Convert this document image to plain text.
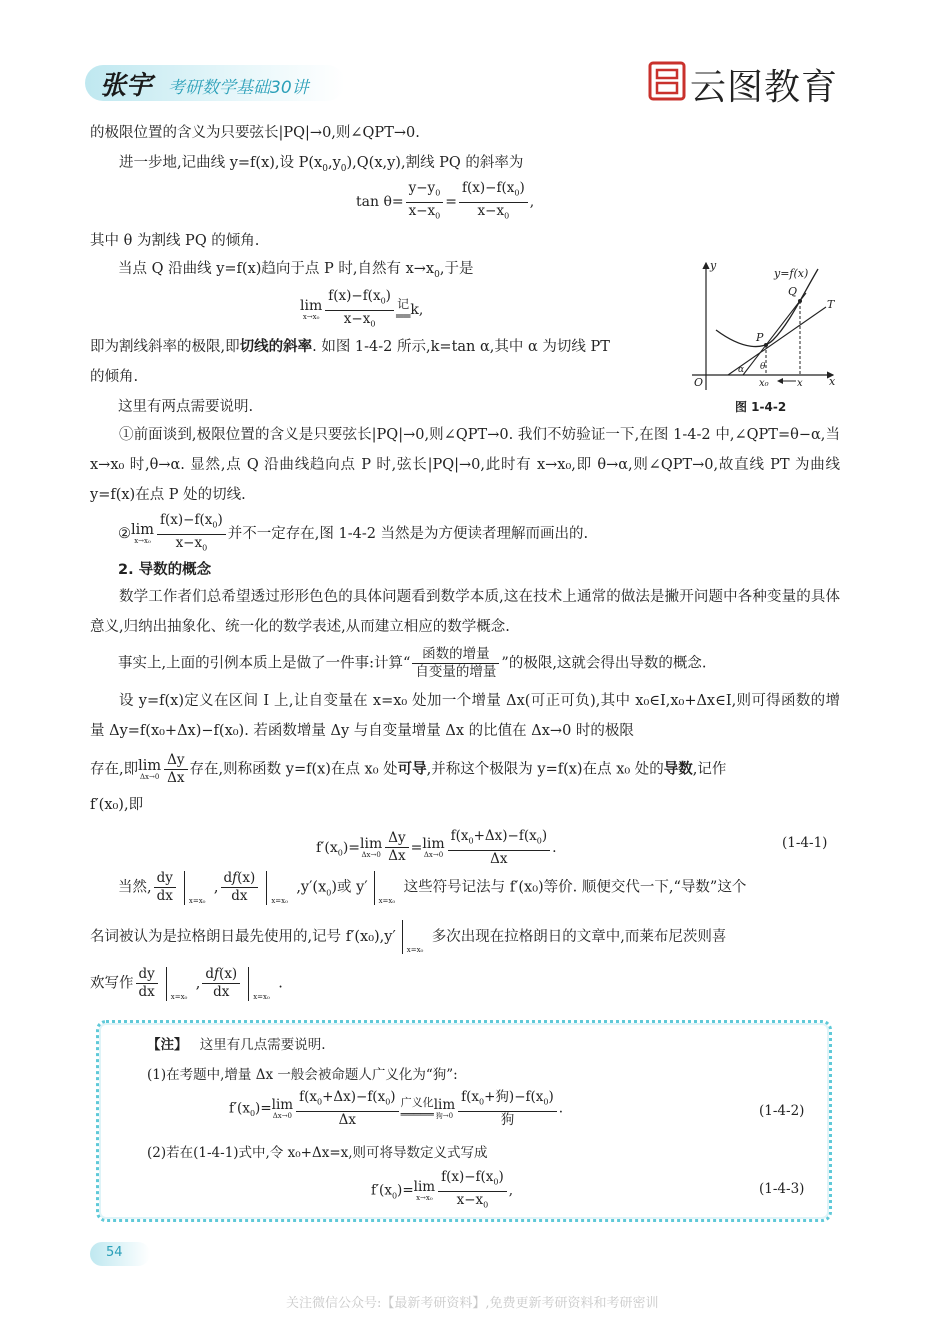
张宇 考研数学基础30讲	云图教育
的极限位置的含义为只要弦长|PQ|→0,则∠QPT→0.
进一步地,记曲线 y=f(x),设 $P(x_0,y_0),Q(x,y)$,割线 PQ 的斜率为
$\tan \theta= \frac{y-y_0}{x-x_0} = \frac{f(x)-f(x_0)}{x-x_0}$ ,
其中 θ 为割线 PQ 的倾角.
当点 Q 沿曲线 y=f(x)趋向于点 P 时,自然有 $x\to x_0$,于是
lim
$x\to x_0 \frac{f(x)-f(x_0)}{x-x_0}$ 记
══k,
即为割线斜率的极限,即切线的斜率. 如图 1-4-2 所示,k=tan α,其中 α 为切线 PT
的倾角.
这里有两点需要说明.
y
x
O
P
Q
T
x₀	x
α θ
y=f(x)
图 1-4-2
①前面谈到,极限位置的含义是只要弦长|PQ|→0,则∠QPT→0. 我们不妨验证一下,在图 1-4-2 中,∠QPT=θ−α,当 x→x₀ 时,θ→α. 显然,点 Q 沿曲线趋向点 P 时,弦长|PQ|→0,此时有 x→x₀,即 θ→α,则∠QPT→0,故直线 PT 为曲线 y=f(x)在点 P 处的切线.
②lim
$x\to x_0 \frac{f(x)-f(x_0)}{x-x_0}$ 并不一定存在,图 1-4-2 当然是为方便读者理解而画出的.
2. 导数的概念
数学工作者们总希望透过形形色色的具体问题看到数学本质,这在技术上通常的做法是撇开问题中各种变量的具体意义,归纳出抽象化、统一化的数学表述,从而建立相应的数学概念.
事实上,上面的引例本质上是做了一件事:计算“ $\frac{\text{函数的增量}}{\text{自变量的增量}}$ ”的极限,这就会得出导数的概念.
设 y=f(x)定义在区间 I 上,让自变量在 x=x₀ 处加一个增量 Δx(可正可负),其中 x₀∈I,x₀+Δx∈I,则可得函数的增量 Δy=f(x₀+Δx)−f(x₀). 若函数增量 Δy 与自变量增量 Δx 的比值在 Δx→0 时的极限
存在,即lim
$\Delta x\to 0 \frac{\Delta y}{\Delta x}$ 存在,则称函数 y=f(x)在点 x₀ 处可导,并称这个极限为 y=f(x)在点 x₀ 处的导数,记作
f′(x₀),即
$f'(x_0)=\lim$
$\Delta x\to 0 \frac{\Delta y}{\Delta x} =\lim$
$\Delta x\to 0 \frac{f(x_0+\Delta x)-f(x_0)}{\Delta x}$ .	(1-4-1)
当然, $\frac{dy}{dx} x=x_0$
, $\frac{df(x)}{dx} x=x_0$
$,y'(x_0)$或 y′
x=x₀
这些符号记法与 f′(x₀)等价. 顺便交代一下,“导数”这个
名词被认为是拉格朗日最先使用的,记号 f′(x₀),y′
x=x₀
多次出现在拉格朗日的文章中,而莱布尼茨则喜
欢写作 $\frac{dy}{dx} x=x_0$
, $\frac{df(x)}{dx} x=x_0$
.
【注】 这里有几点需要说明.
(1)在考题中,增量 Δx 一般会被命题人广义化为“狗”:
$f'(x_0)=\lim$
$\Delta x\to 0 \frac{f(x_0+\Delta x)-f(x_0)}{\Delta x}$ 广义化
═════lim
狗$\to 0 \frac{f(x_0+狗)-f(x_0)}{\text{狗}}$ .	(1-4-2)
(2)若在(1-4-1)式中,令 x₀+Δx=x,则可将导数定义式写成
$f'(x_0)=\lim$
$x\to x_0 \frac{f(x)-f(x_0)}{x-x_0}$ ,	(1-4-3)
54
关注微信公众号:【最新考研资料】,免费更新考研资料和考研密训
